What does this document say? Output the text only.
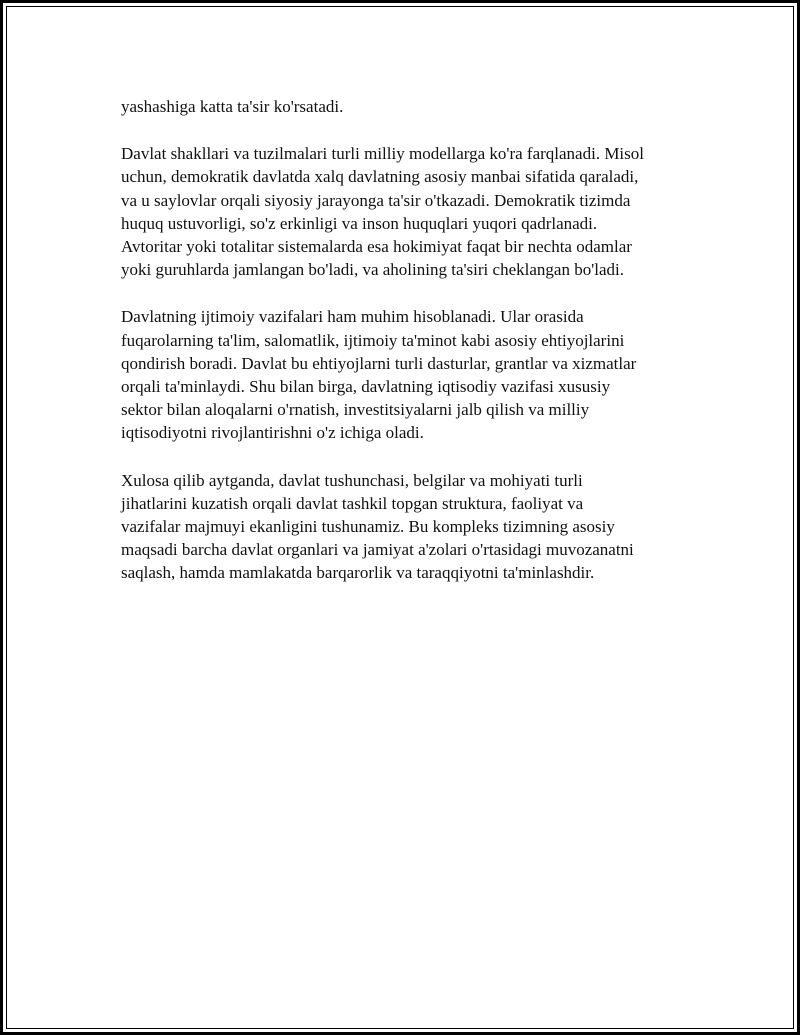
yashashiga katta ta'sir ko'rsatadi.

Davlat shakllari va tuzilmalari turli milliy modellarga ko'ra farqlanadi. Misol
uchun, demokratik davlatda xalq davlatning asosiy manbai sifatida qaraladi,
va u saylovlar orqali siyosiy jarayonga ta'sir o'tkazadi. Demokratik tizimda
huquq ustuvorligi, so'z erkinligi va inson huquqlari yuqori qadrlanadi.
Avtoritar yoki totalitar sistemalarda esa hokimiyat faqat bir nechta odamlar
yoki guruhlarda jamlangan bo'ladi, va aholining ta'siri cheklangan bo'ladi.

Davlatning ijtimoiy vazifalari ham muhim hisoblanadi. Ular orasida
fuqarolarning ta'lim, salomatlik, ijtimoiy ta'minot kabi asosiy ehtiyojlarini
qondirish boradi. Davlat bu ehtiyojlarni turli dasturlar, grantlar va xizmatlar
orqali ta'minlaydi. Shu bilan birga, davlatning iqtisodiy vazifasi xususiy
sektor bilan aloqalarni o'rnatish, investitsiyalarni jalb qilish va milliy
iqtisodiyotni rivojlantirishni o'z ichiga oladi.

Xulosa qilib aytganda, davlat tushunchasi, belgilar va mohiyati turli
jihatlarini kuzatish orqali davlat tashkil topgan struktura, faoliyat va
vazifalar majmuyi ekanligini tushunamiz. Bu kompleks tizimning asosiy
maqsadi barcha davlat organlari va jamiyat a'zolari o'rtasidagi muvozanatni
saqlash, hamda mamlakatda barqarorlik va taraqqiyotni ta'minlashdir.
